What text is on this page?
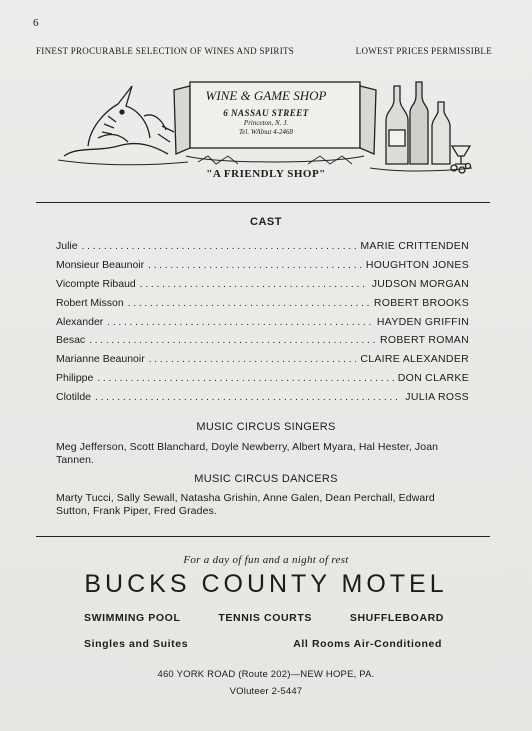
6
FINEST PROCURABLE SELECTION OF WINES AND SPIRITS	LOWEST PRICES PERMISSIBLE
WINE & GAME SHOP
6 NASSAU STREET
Princeton, N. J.
Tel. WAlnut 4-2468
"A FRIENDLY SHOP"
CAST
Julie . . .	MARIE CRITTENDEN
Monsieur Beaunoir . . .	HOUGHTON JONES
Vicompte Ribaud . . .	JUDSON MORGAN
Robert Misson . . .	ROBERT BROOKS
Alexander . . .	HAYDEN GRIFFIN
Besac . . .	ROBERT ROMAN
Marianne Beaunoir . . .	CLAIRE ALEXANDER
Philippe . . .	DON CLARKE
Clotilde . . .	JULIA ROSS
MUSIC CIRCUS SINGERS
Meg Jefferson, Scott Blanchard, Doyle Newberry, Albert Myara, Hal Hester, Joan Tannen.
MUSIC CIRCUS DANCERS
Marty Tucci, Sally Sewall, Natasha Grishin, Anne Galen, Dean Perchall, Edward Sutton, Frank Piper, Fred Grades.
For a day of fun and a night of rest
BUCKS COUNTY MOTEL
SWIMMING POOL	TENNIS COURTS	SHUFFLEBOARD
Singles and Suites	All Rooms Air-Conditioned
460 YORK ROAD (Route 202)—NEW HOPE, PA.
VOluteer 2-5447
